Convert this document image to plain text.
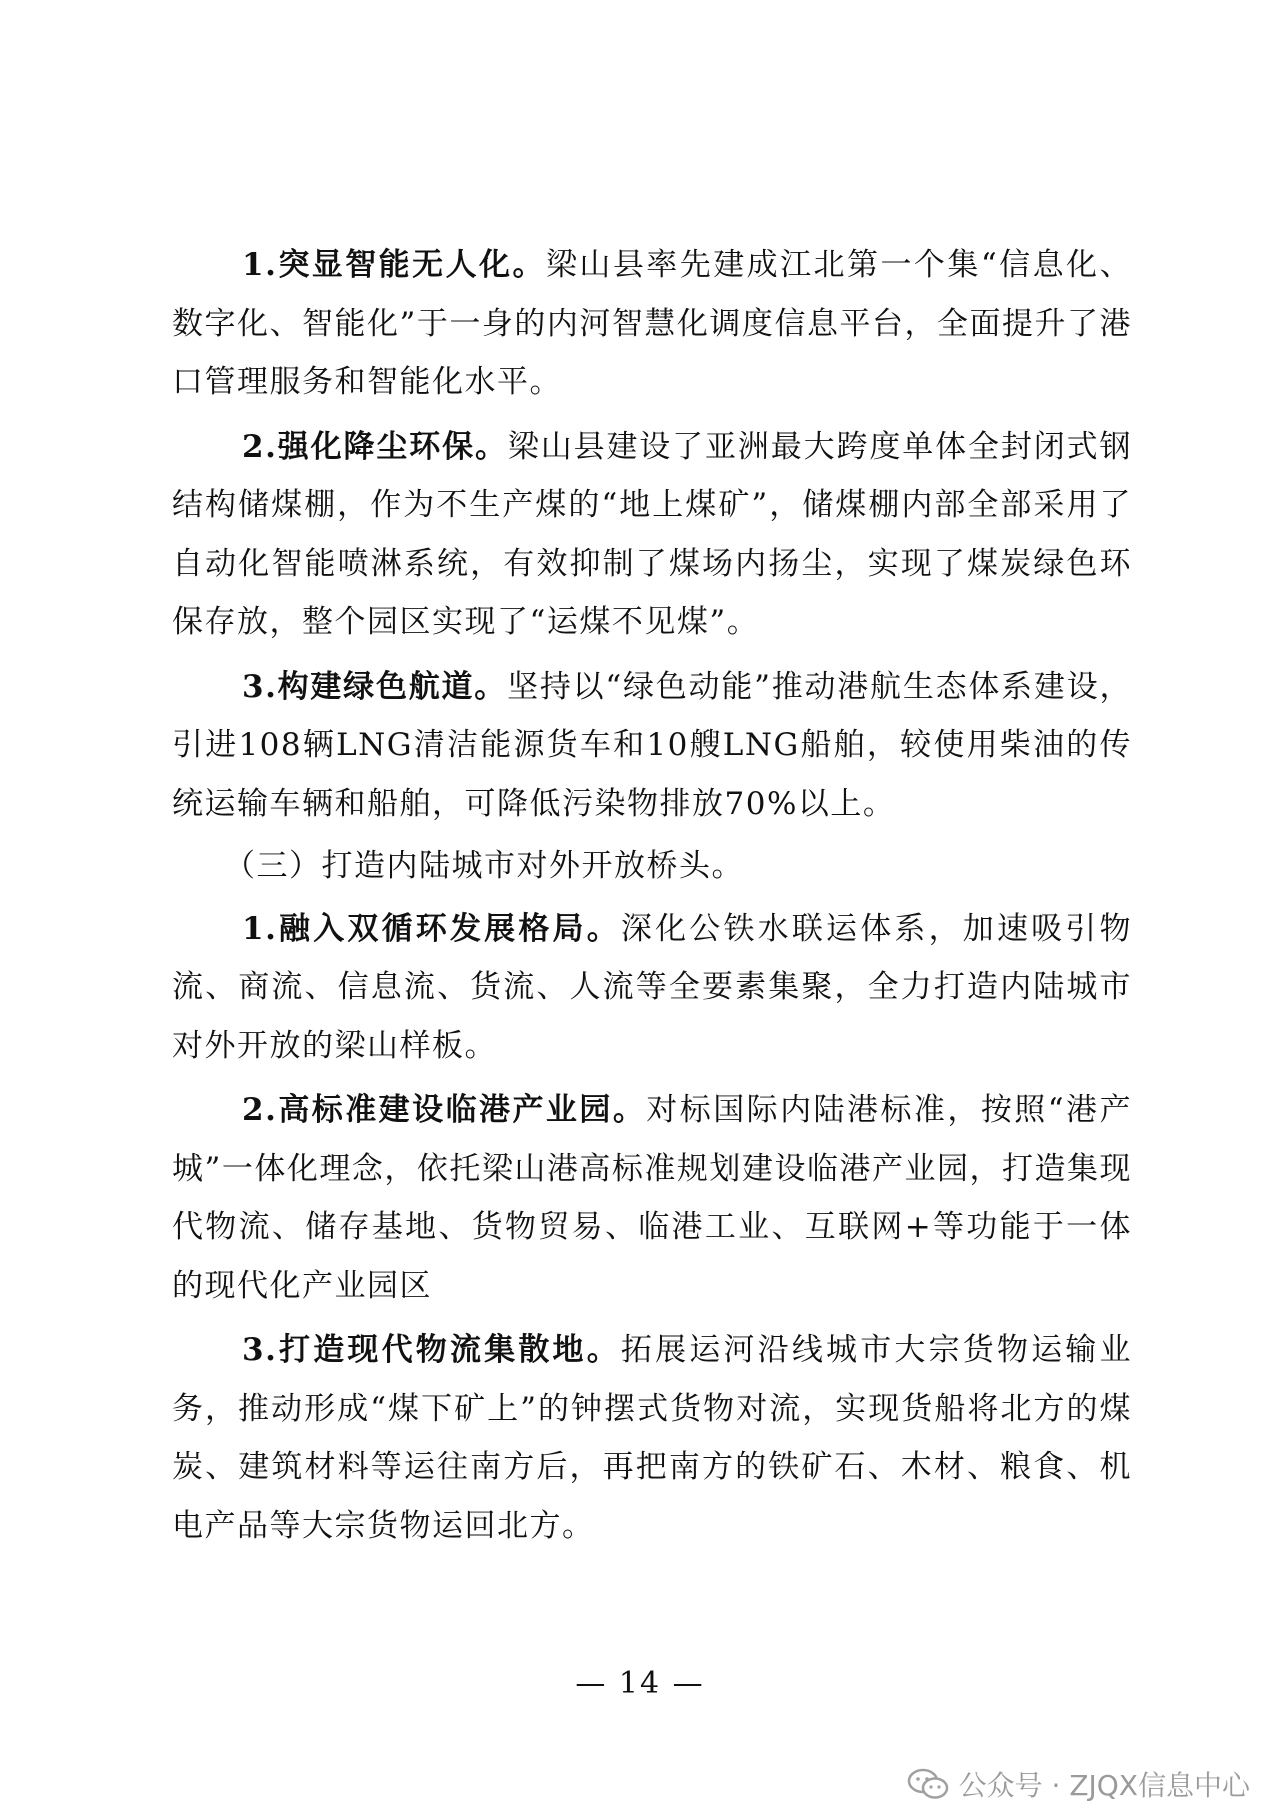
1.突显智能无人化。梁山县率先建成江北第一个集“信息化、数字化、智能化”于一身的内河智慧化调度信息平台，全面提升了港口管理服务和智能化水平。

2.强化降尘环保。梁山县建设了亚洲最大跨度单体全封闭式钢结构储煤棚，作为不生产煤的“地上煤矿”，储煤棚内部全部采用了自动化智能喷淋系统，有效抑制了煤场内扬尘，实现了煤炭绿色环保存放，整个园区实现了“运煤不见煤”。

3.构建绿色航道。坚持以“绿色动能”推动港航生态体系建设，引进108辆LNG清洁能源货车和10艘LNG船舶，较使用柴油的传统运输车辆和船舶，可降低污染物排放70%以上。

（三）打造内陆城市对外开放桥头。

1.融入双循环发展格局。深化公铁水联运体系，加速吸引物流、商流、信息流、货流、人流等全要素集聚，全力打造内陆城市对外开放的梁山样板。

2.高标准建设临港产业园。对标国际内陆港标准，按照“港产城”一体化理念，依托梁山港高标准规划建设临港产业园，打造集现代物流、储存基地、货物贸易、临港工业、互联网+等功能于一体的现代化产业园区

3.打造现代物流集散地。拓展运河沿线城市大宗货物运输业务，推动形成“煤下矿上”的钟摆式货物对流，实现货船将北方的煤炭、建筑材料等运往南方后，再把南方的铁矿石、木材、粮食、机电产品等大宗货物运回北方。

— 14 —
公众号 · ZJQX信息中心
